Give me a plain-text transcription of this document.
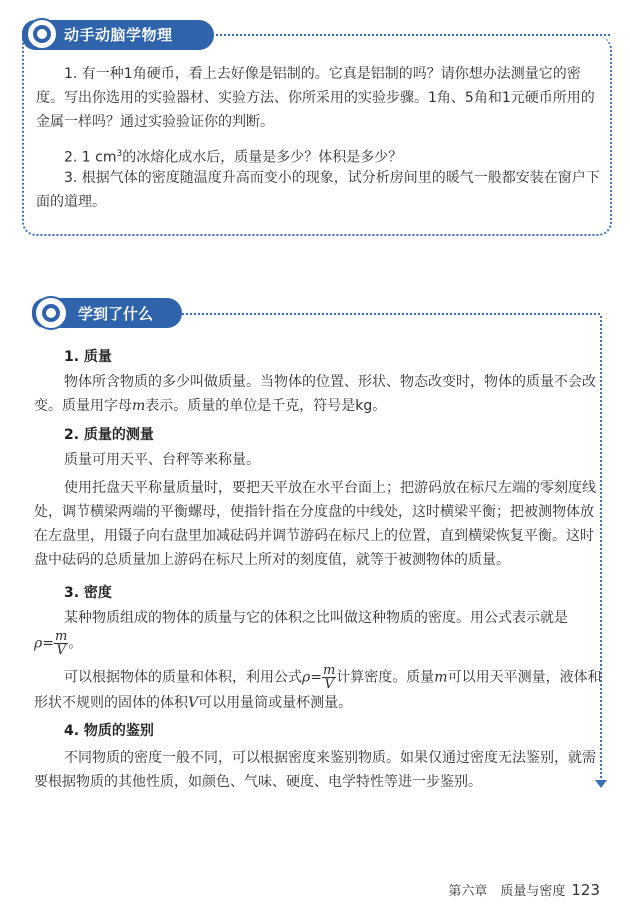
动手动脑学物理

1. 有一种1角硬币，看上去好像是铝制的。它真是铝制的吗？请你想办法测量它的密度。写出你选用的实验器材、实验方法、你所采用的实验步骤。1角、5角和1元硬币所用的金属一样吗？通过实验验证你的判断。

2. 1 $cm^3$的冰熔化成水后，质量是多少？体积是多少？

3. 根据气体的密度随温度升高而变小的现象，试分析房间里的暖气一般都安装在窗户下面的道理。

学到了什么

1. 质量

物体所含物质的多少叫做质量。当物体的位置、形状、物态改变时，物体的质量不会改变。质量用字母m表示。质量的单位是千克，符号是kg。

2. 质量的测量

质量可用天平、台秤等来称量。

使用托盘天平称量质量时，要把天平放在水平台面上；把游码放在标尺左端的零刻度线处，调节横梁两端的平衡螺母，使指针指在分度盘的中线处，这时横梁平衡；把被测物体放在左盘里，用镊子向右盘里加减砝码并调节游码在标尺上的位置，直到横梁恢复平衡。这时盘中砝码的总质量加上游码在标尺上所对的刻度值，就等于被测物体的质量。

3. 密度

某种物质组成的物体的质量与它的体积之比叫做这种物质的密度。用公式表示就是
$\rho= \frac{m}{V}$ 。

可以根据物体的质量和体积，利用公式$\rho= \frac{m}{V}$ 计算密度。质量m可以用天平测量，液体和形状不规则的固体的体积V可以用量筒或量杯测量。

4. 物质的鉴别

不同物质的密度一般不同，可以根据密度来鉴别物质。如果仅通过密度无法鉴别，就需要根据物质的其他性质，如颜色、气味、硬度、电学特性等进一步鉴别。

第六章　质量与密度 123
